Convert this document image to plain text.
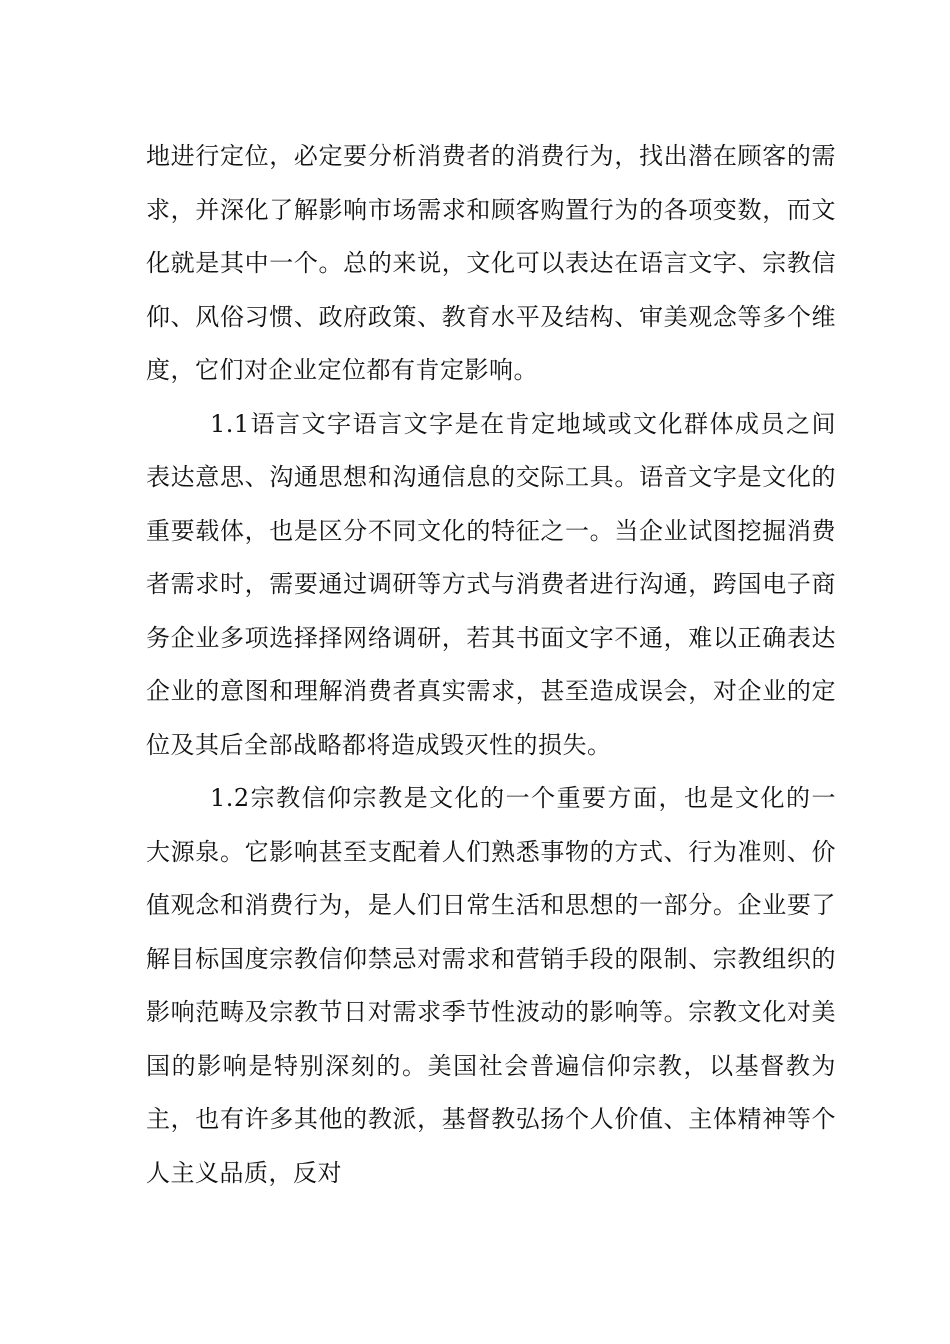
地进行定位，必定要分析消费者的消费行为，找出潜在顾客的需求，并深化了解影响市场需求和顾客购置行为的各项变数，而文化就是其中一个。总的来说，文化可以表达在语言文字、宗教信仰、风俗习惯、政府政策、教育水平及结构、审美观念等多个维度，它们对企业定位都有肯定影响。

1.1语言文字语言文字是在肯定地域或文化群体成员之间表达意思、沟通思想和沟通信息的交际工具。语音文字是文化的重要载体，也是区分不同文化的特征之一。当企业试图挖掘消费者需求时，需要通过调研等方式与消费者进行沟通，跨国电子商务企业多项选择择网络调研，若其书面文字不通，难以正确表达企业的意图和理解消费者真实需求，甚至造成误会，对企业的定位及其后全部战略都将造成毁灭性的损失。

1.2宗教信仰宗教是文化的一个重要方面，也是文化的一大源泉。它影响甚至支配着人们熟悉事物的方式、行为准则、价值观念和消费行为，是人们日常生活和思想的一部分。企业要了解目标国度宗教信仰禁忌对需求和营销手段的限制、宗教组织的影响范畴及宗教节日对需求季节性波动的影响等。宗教文化对美国的影响是特别深刻的。美国社会普遍信仰宗教，以基督教为主，也有许多其他的教派，基督教弘扬个人价值、主体精神等个人主义品质，反对
